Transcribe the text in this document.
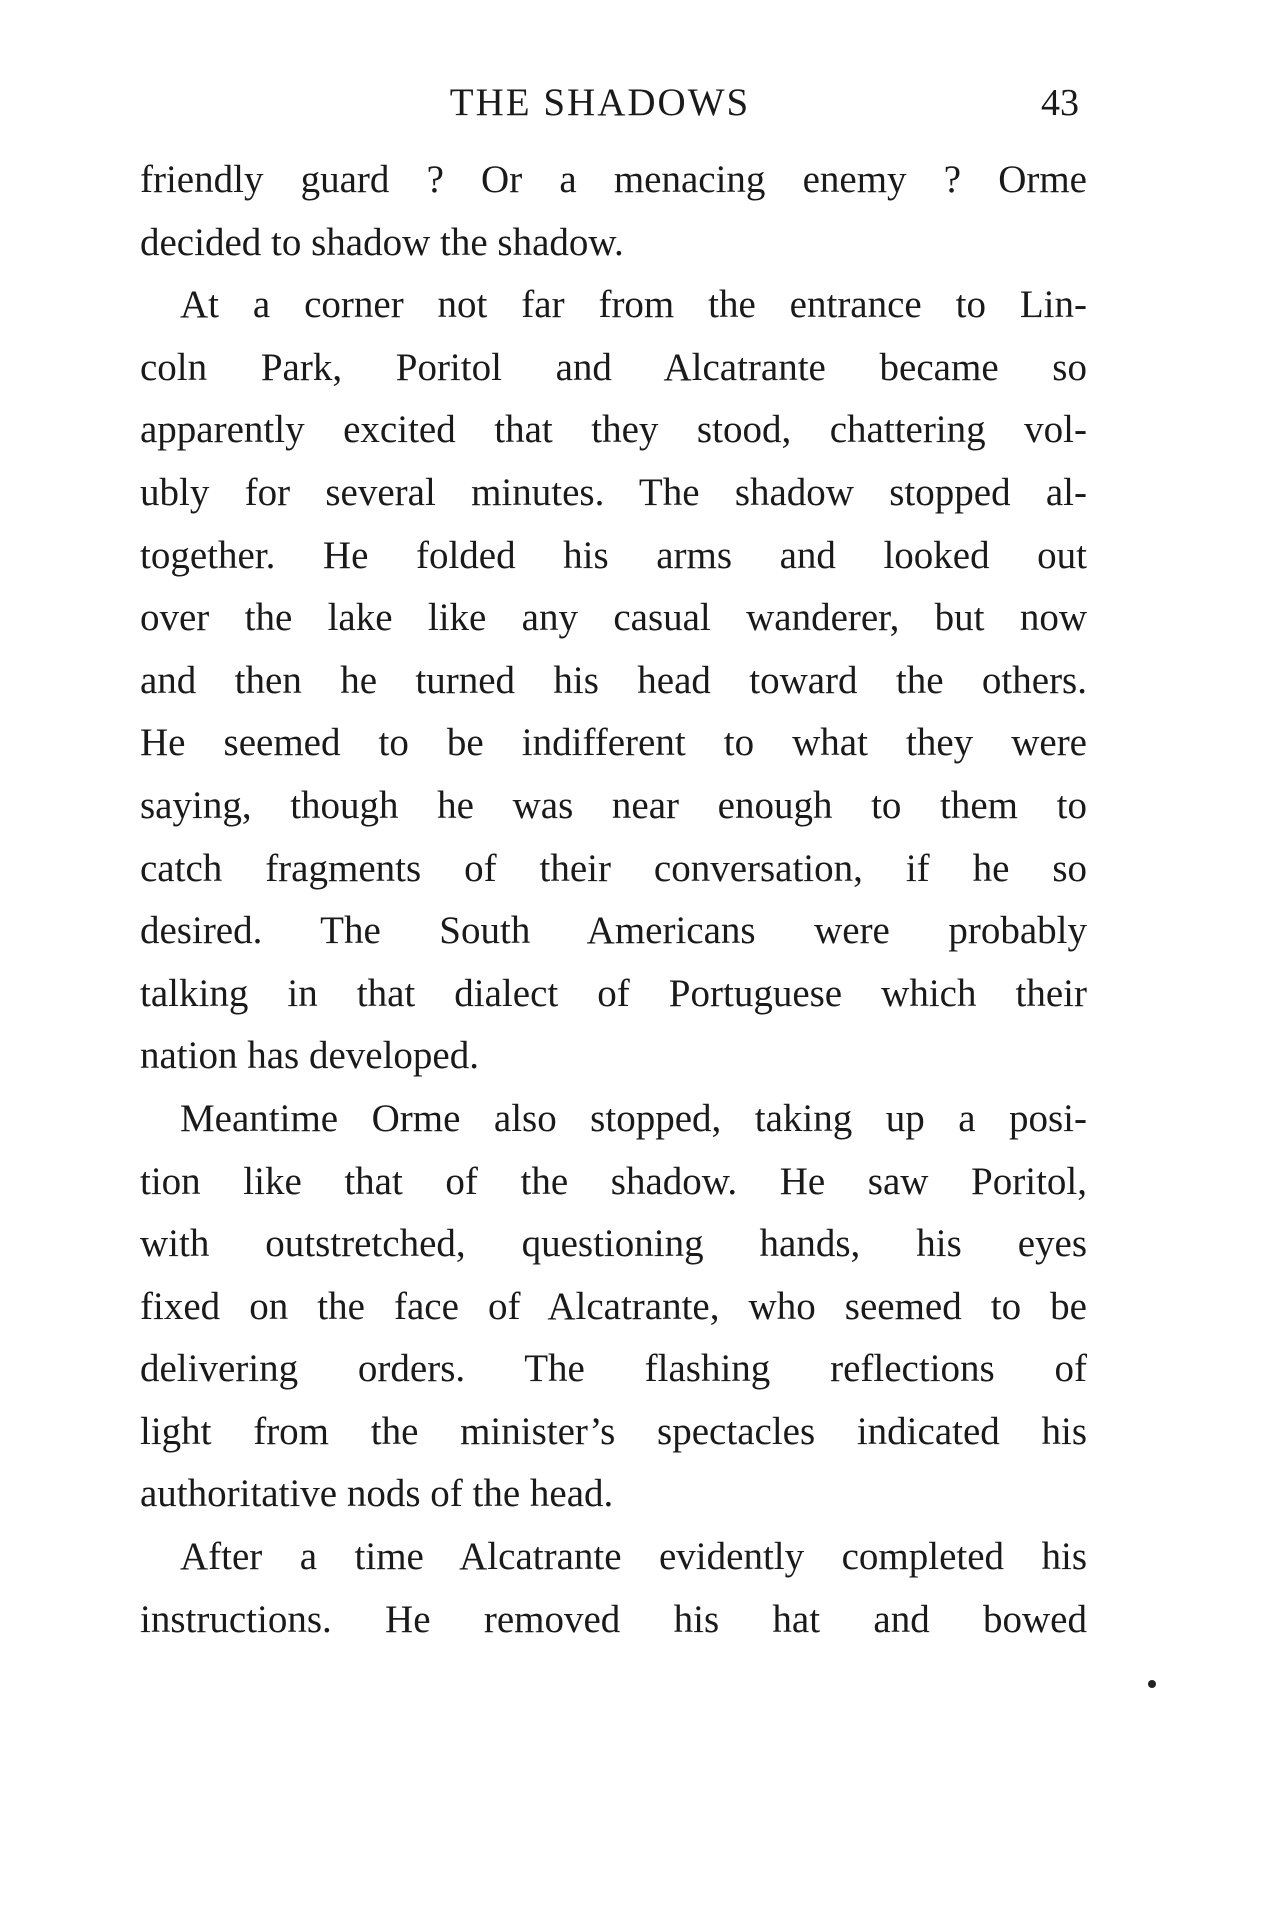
THE SHADOWS	43
friendly guard ? Or a menacing enemy ? Orme
decided to shadow the shadow.
At a corner not far from the entrance to Lin-
coln Park, Poritol and Alcatrante became so
apparently excited that they stood, chattering vol-
ubly for several minutes. The shadow stopped al-
together. He folded his arms and looked out
over the lake like any casual wanderer, but now
and then he turned his head toward the others.
He seemed to be indifferent to what they were
saying, though he was near enough to them to
catch fragments of their conversation, if he so
desired. The South Americans were probably
talking in that dialect of Portuguese which their
nation has developed.
Meantime Orme also stopped, taking up a posi-
tion like that of the shadow. He saw Poritol,
with outstretched, questioning hands, his eyes
fixed on the face of Alcatrante, who seemed to be
delivering orders. The flashing reflections of
light from the minister’s spectacles indicated his
authoritative nods of the head.
After a time Alcatrante evidently completed his
instructions. He removed his hat and bowed
